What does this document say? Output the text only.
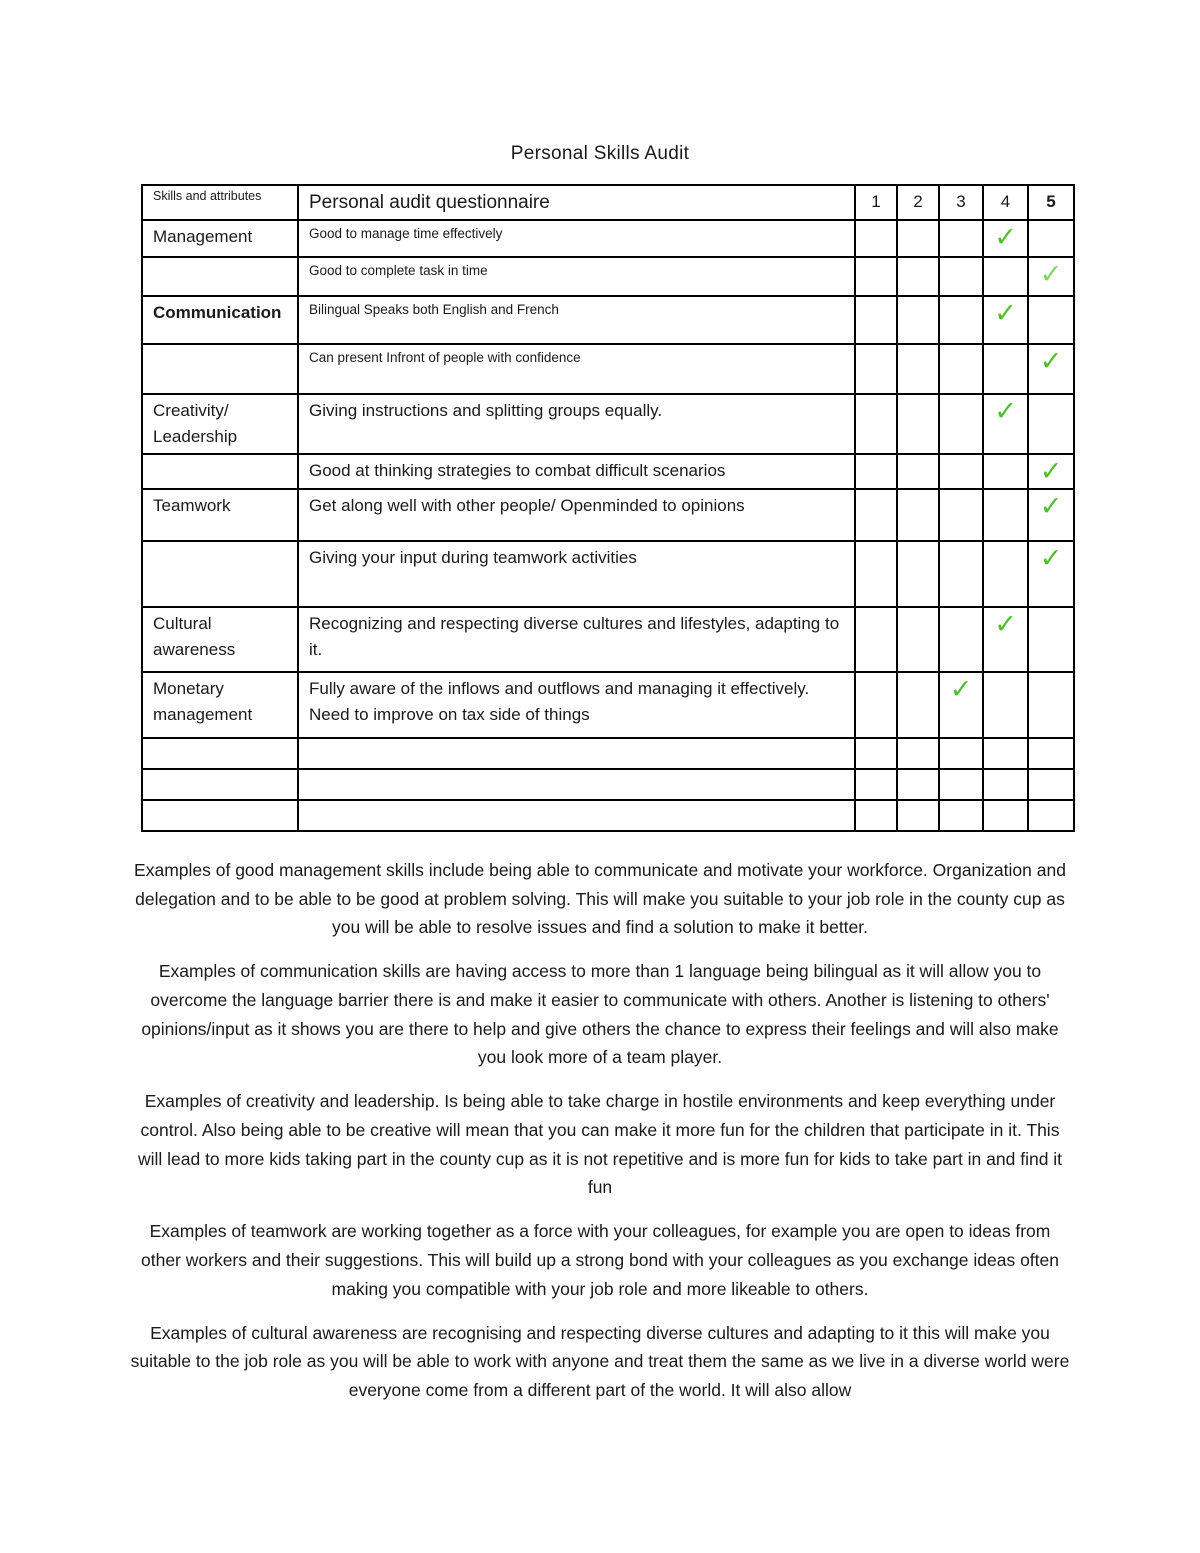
Personal Skills Audit
Skills and attributes	Personal audit questionnaire	1	2	3	4	5
Management	Good to manage time effectively				✓	
	Good to complete task in time					✓
Communication	Bilingual Speaks both English and French				✓	
	Can present Infront of people with confidence					✓
Creativity/ Leadership	Giving instructions and splitting groups equally.				✓	
	Good at thinking strategies to combat difficult scenarios					✓
Teamwork	Get along well with other people/ Openminded to opinions					✓
	Giving your input during teamwork activities					✓
Cultural awareness	Recognizing and respecting diverse cultures and lifestyles, adapting to it.				✓	
Monetary management	Fully aware of the inflows and outflows and managing it effectively. Need to improve on tax side of things			✓		

Examples of good management skills include being able to communicate and motivate your workforce. Organization and delegation and to be able to be good at problem solving. This will make you suitable to your job role in the county cup as you will be able to resolve issues and find a solution to make it better.

Examples of communication skills are having access to more than 1 language being bilingual as it will allow you to overcome the language barrier there is and make it easier to communicate with others. Another is listening to others' opinions/input as it shows you are there to help and give others the chance to express their feelings and will also make you look more of a team player.

Examples of creativity and leadership. Is being able to take charge in hostile environments and keep everything under control. Also being able to be creative will mean that you can make it more fun for the children that participate in it. This will lead to more kids taking part in the county cup as it is not repetitive and is more fun for kids to take part in and find it fun

Examples of teamwork are working together as a force with your colleagues, for example you are open to ideas from other workers and their suggestions. This will build up a strong bond with your colleagues as you exchange ideas often making you compatible with your job role and more likeable to others.

Examples of cultural awareness are recognising and respecting diverse cultures and adapting to it this will make you suitable to the job role as you will be able to work with anyone and treat them the same as we live in a diverse world were everyone come from a different part of the world. It will also allow
